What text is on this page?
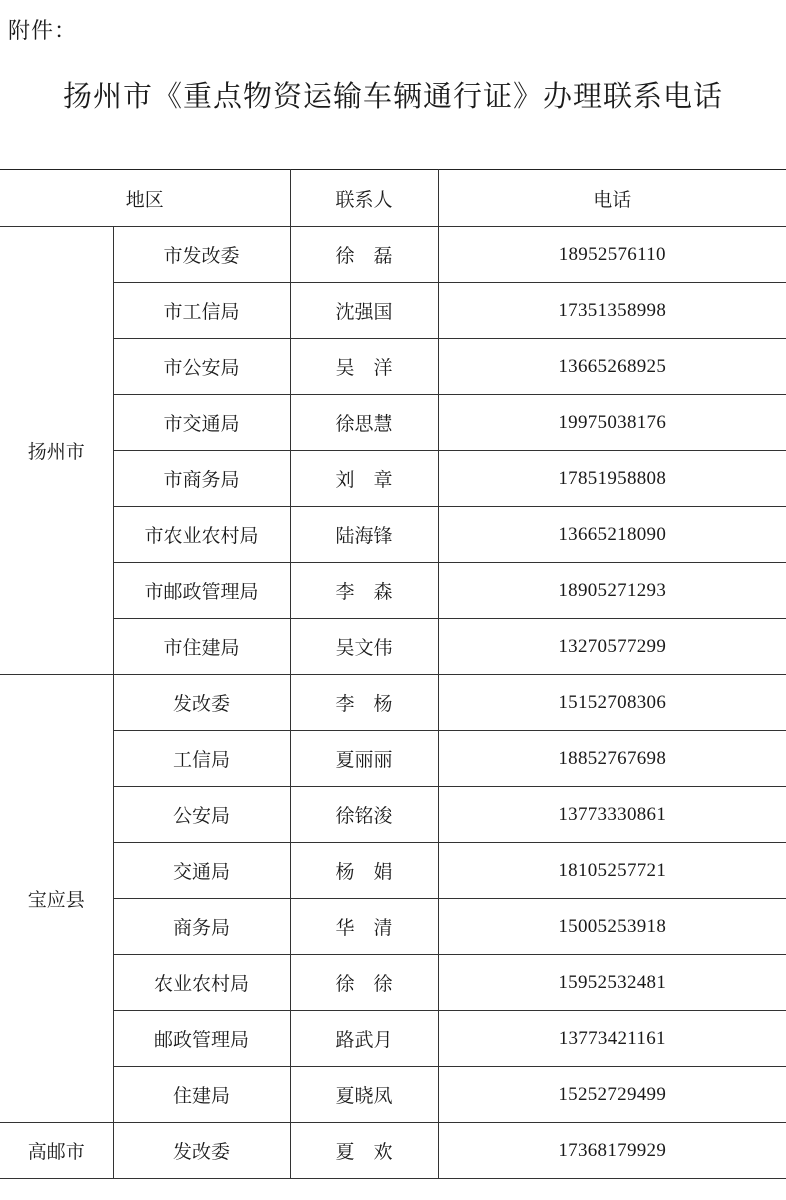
附件：
扬州市《重点物资运输车辆通行证》办理联系电话
地区		联系人	电话
扬州市	市发改委	徐　磊	18952576110
	市工信局	沈强国	17351358998
	市公安局	吴　洋	13665268925
	市交通局	徐思慧	19975038176
	市商务局	刘　章	17851958808
	市农业农村局	陆海锋	13665218090
	市邮政管理局	李　森	18905271293
	市住建局	吴文伟	13270577299
宝应县	发改委	李　杨	15152708306
	工信局	夏丽丽	18852767698
	公安局	徐铭浚	13773330861
	交通局	杨　娟	18105257721
	商务局	华　清	15005253918
	农业农村局	徐　徐	15952532481
	邮政管理局	路武月	13773421161
	住建局	夏晓凤	15252729499
高邮市	发改委	夏　欢	17368179929
